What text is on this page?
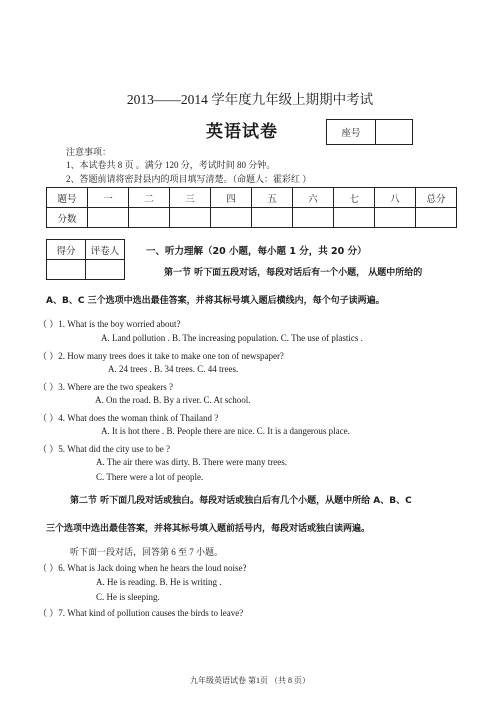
2013——2014 学年度九年级上期期中考试
英语试卷	座号	
注意事项：
1、本试卷共 8 页 。满分 120 分，考试时间 80 分钟。
2、答题前请将密封县内的项目填写清楚。（命题人：霍彩红 ）
题号	一	二	三	四	五	六	七	八	总分
分数									
得分	评卷人
		一、听力理解（20 小题，每小题 1 分，共 20 分）
第一节 听下面五段对话，每段对话后有一个小题， 从题中所给的
A、B、C 三个选项中选出最佳答案，并将其标号填入题后横线内，每个句子读两遍。
（ ）1. What is the boy worried about?
A. Land pollution . B. The increasing population. C. The use of plastics .
（ ）2. How many trees does it take to make one ton of newspaper?
A. 24 trees . B. 34 trees. C. 44 trees.
（ ）3. Where are the two speakers ?
A. On the road. B. By a river. C. At school.
（ ）4. What does the woman think of Thailand ?
A. It is hot there . B. People there are nice. C. It is a dangerous place.
（ ）5. What did the city use to be ?
A. The air there was dirty. B. There were many trees.
C. There were a lot of people.
第二节 听下面几段对话或独白。每段对话或独白后有几个小题，从题中所给 A、B、C
三个选项中选出最佳答案，并将其标号填入题前括号内，每段对话或独白读两遍。
听下面一段对话，回答第 6 至 7 小题。
（ ）6. What is Jack doing when he hears the loud noise?
A. He is reading. B. He is writing .
C. He is sleeping.
（ ）7. What kind of pollution causes the birds to leave?
九年级英语试卷 第1页 （共 8 页）
